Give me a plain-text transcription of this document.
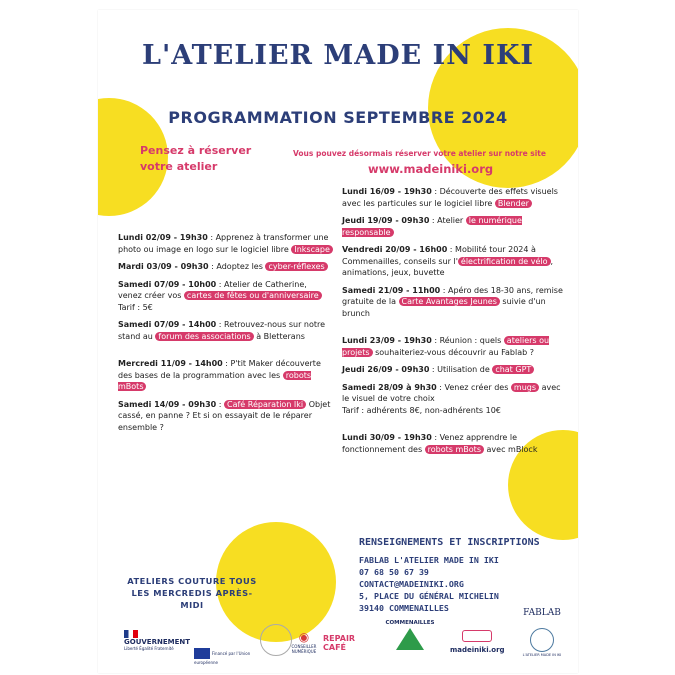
L'ATELIER MADE IN IKI
PROGRAMMATION SEPTEMBRE 2024
Pensez à réserver
votre atelier
Vous pouvez désormais réserver votre atelier sur notre site
www.madeiniki.org

Lundi 02/09 - 19h30 : Apprenez à transformer une photo ou image en logo sur le logiciel libre Inkscape

Mardi 03/09 - 09h30 : Adoptez les cyber-réflexes

Samedi 07/09 - 10h00 : Atelier de Catherine, venez créer vos cartes de fêtes ou d'anniversaire
Tarif : 5€

Samedi 07/09 - 14h00 : Retrouvez-nous sur notre stand au forum des associations à Bletterans

Mercredi 11/09 - 14h00 : P'tit Maker découverte des bases de la programmation avec les robots mBots

Samedi 14/09 - 09h30 : Café Réparation Iki Objet cassé, en panne ? Et si on essayait de le réparer ensemble ?

Lundi 16/09 - 19h30 : Découverte des effets visuels avec les particules sur le logiciel libre Blender

Jeudi 19/09 - 09h30 : Atelier le numérique responsable

Vendredi 20/09 - 16h00 : Mobilité tour 2024 à Commenailles, conseils sur l' électrification de vélo , animations, jeux, buvette

Samedi 21/09 - 11h00 : Apéro des 18-30 ans, remise gratuite de la Carte Avantages Jeunes suivie d'un brunch

Lundi 23/09 - 19h30 : Réunion : quels ateliers ou projets souhaiteriez-vous découvrir au Fablab ?

Jeudi 26/09 - 09h30 : Utilisation de chat GPT

Samedi 28/09 à 9h30 : Venez créer des mugs avec le visuel de votre choix
Tarif : adhérents 8€, non-adhérents 10€

Lundi 30/09 - 19h30 : Venez apprendre le fonctionnement des robots mBots avec mBlock

RENSEIGNEMENTS ET INSCRIPTIONS
FABLAB L'ATELIER MADE IN IKI
07 68 50 67 39
CONTACT@MADEINIKI.ORG
5, PLACE DU GÉNÉRAL MICHELIN
39140 COMMENAILLES
ATELIERS COUTURE TOUS LES MERCREDIS APRÈS-MIDI
GOUVERNEMENT
Liberté Égalité Fraternité
Financé par l'Union européenne
◉
CONSEILLER NUMÉRIQUE
REPAIR CAFÉ
COMMENAILLES
madeiniki.org
FABLAB
L'ATELIER MADE IN IKI
